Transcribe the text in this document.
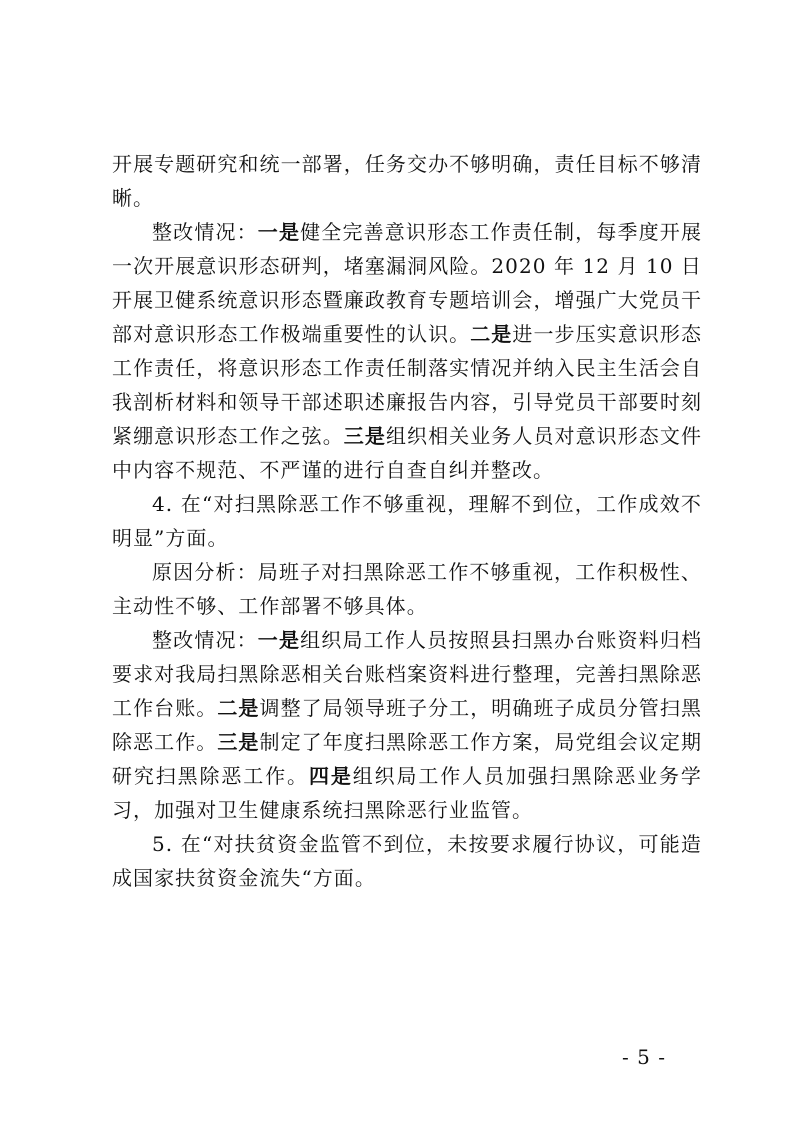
开展专题研究和统一部署，任务交办不够明确，责任目标不够清晰。

整改情况：一是健全完善意识形态工作责任制，每季度开展一次开展意识形态研判，堵塞漏洞风险。2020 年 12 月 10 日开展卫健系统意识形态暨廉政教育专题培训会，增强广大党员干部对意识形态工作极端重要性的认识。二是进一步压实意识形态工作责任，将意识形态工作责任制落实情况并纳入民主生活会自我剖析材料和领导干部述职述廉报告内容，引导党员干部要时刻紧绷意识形态工作之弦。三是组织相关业务人员对意识形态文件中内容不规范、不严谨的进行自查自纠并整改。

4. 在“对扫黑除恶工作不够重视，理解不到位，工作成效不明显”方面。

原因分析：局班子对扫黑除恶工作不够重视，工作积极性、主动性不够、工作部署不够具体。

整改情况：一是组织局工作人员按照县扫黑办台账资料归档要求对我局扫黑除恶相关台账档案资料进行整理，完善扫黑除恶工作台账。二是调整了局领导班子分工，明确班子成员分管扫黑除恶工作。三是制定了年度扫黑除恶工作方案，局党组会议定期研究扫黑除恶工作。四是组织局工作人员加强扫黑除恶业务学习，加强对卫生健康系统扫黑除恶行业监管。

5. 在“对扶贫资金监管不到位，未按要求履行协议，可能造成国家扶贫资金流失“方面。

- 5 -
